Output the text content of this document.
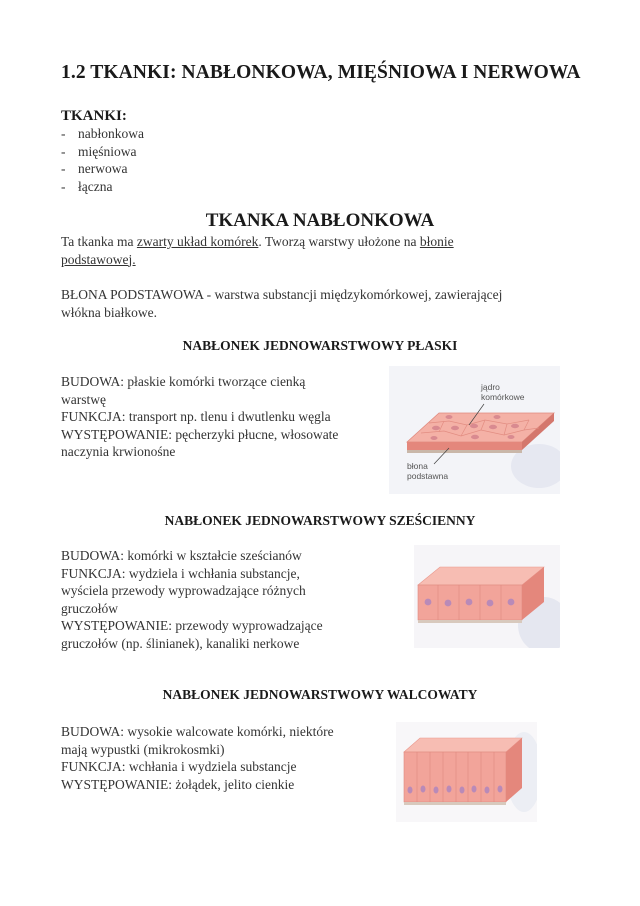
1.2 TKANKI: NABŁONKOWA, MIĘŚNIOWA I NERWOWA
TKANKI:
- nabłonkowa
- mięśniowa
- nerwowa
- łączna
TKANKA NABŁONKOWA

Ta tkanka ma zwarty układ komórek. Tworzą warstwy ułożone na błonie
podstawowej.

BŁONA PODSTAWOWA - warstwa substancji międzykomórkowej, zawierającej włókna białkowe.

NABŁONEK JEDNOWARSTWOWY PŁASKI
BUDOWA: płaskie komórki tworzące cienką
warstwę
FUNKCJA: transport np. tlenu i dwutlenku węgla
WYSTĘPOWANIE: pęcherzyki płucne, włosowate
naczynia krwionośne
jądro
komórkowe
błona
podstawna
NABŁONEK JEDNOWARSTWOWY SZEŚCIENNY
BUDOWA: komórki w kształcie sześcianów
FUNKCJA: wydziela i wchłania substancje,
wyściela przewody wyprowadzające różnych
gruczołów
WYSTĘPOWANIE: przewody wyprowadzające
gruczołów (np. ślinianek), kanaliki nerkowe
NABŁONEK JEDNOWARSTWOWY WALCOWATY
BUDOWA: wysokie walcowate komórki, niektóre
mają wypustki (mikrokosmki)
FUNKCJA: wchłania i wydziela substancje
WYSTĘPOWANIE: żołądek, jelito cienkie
